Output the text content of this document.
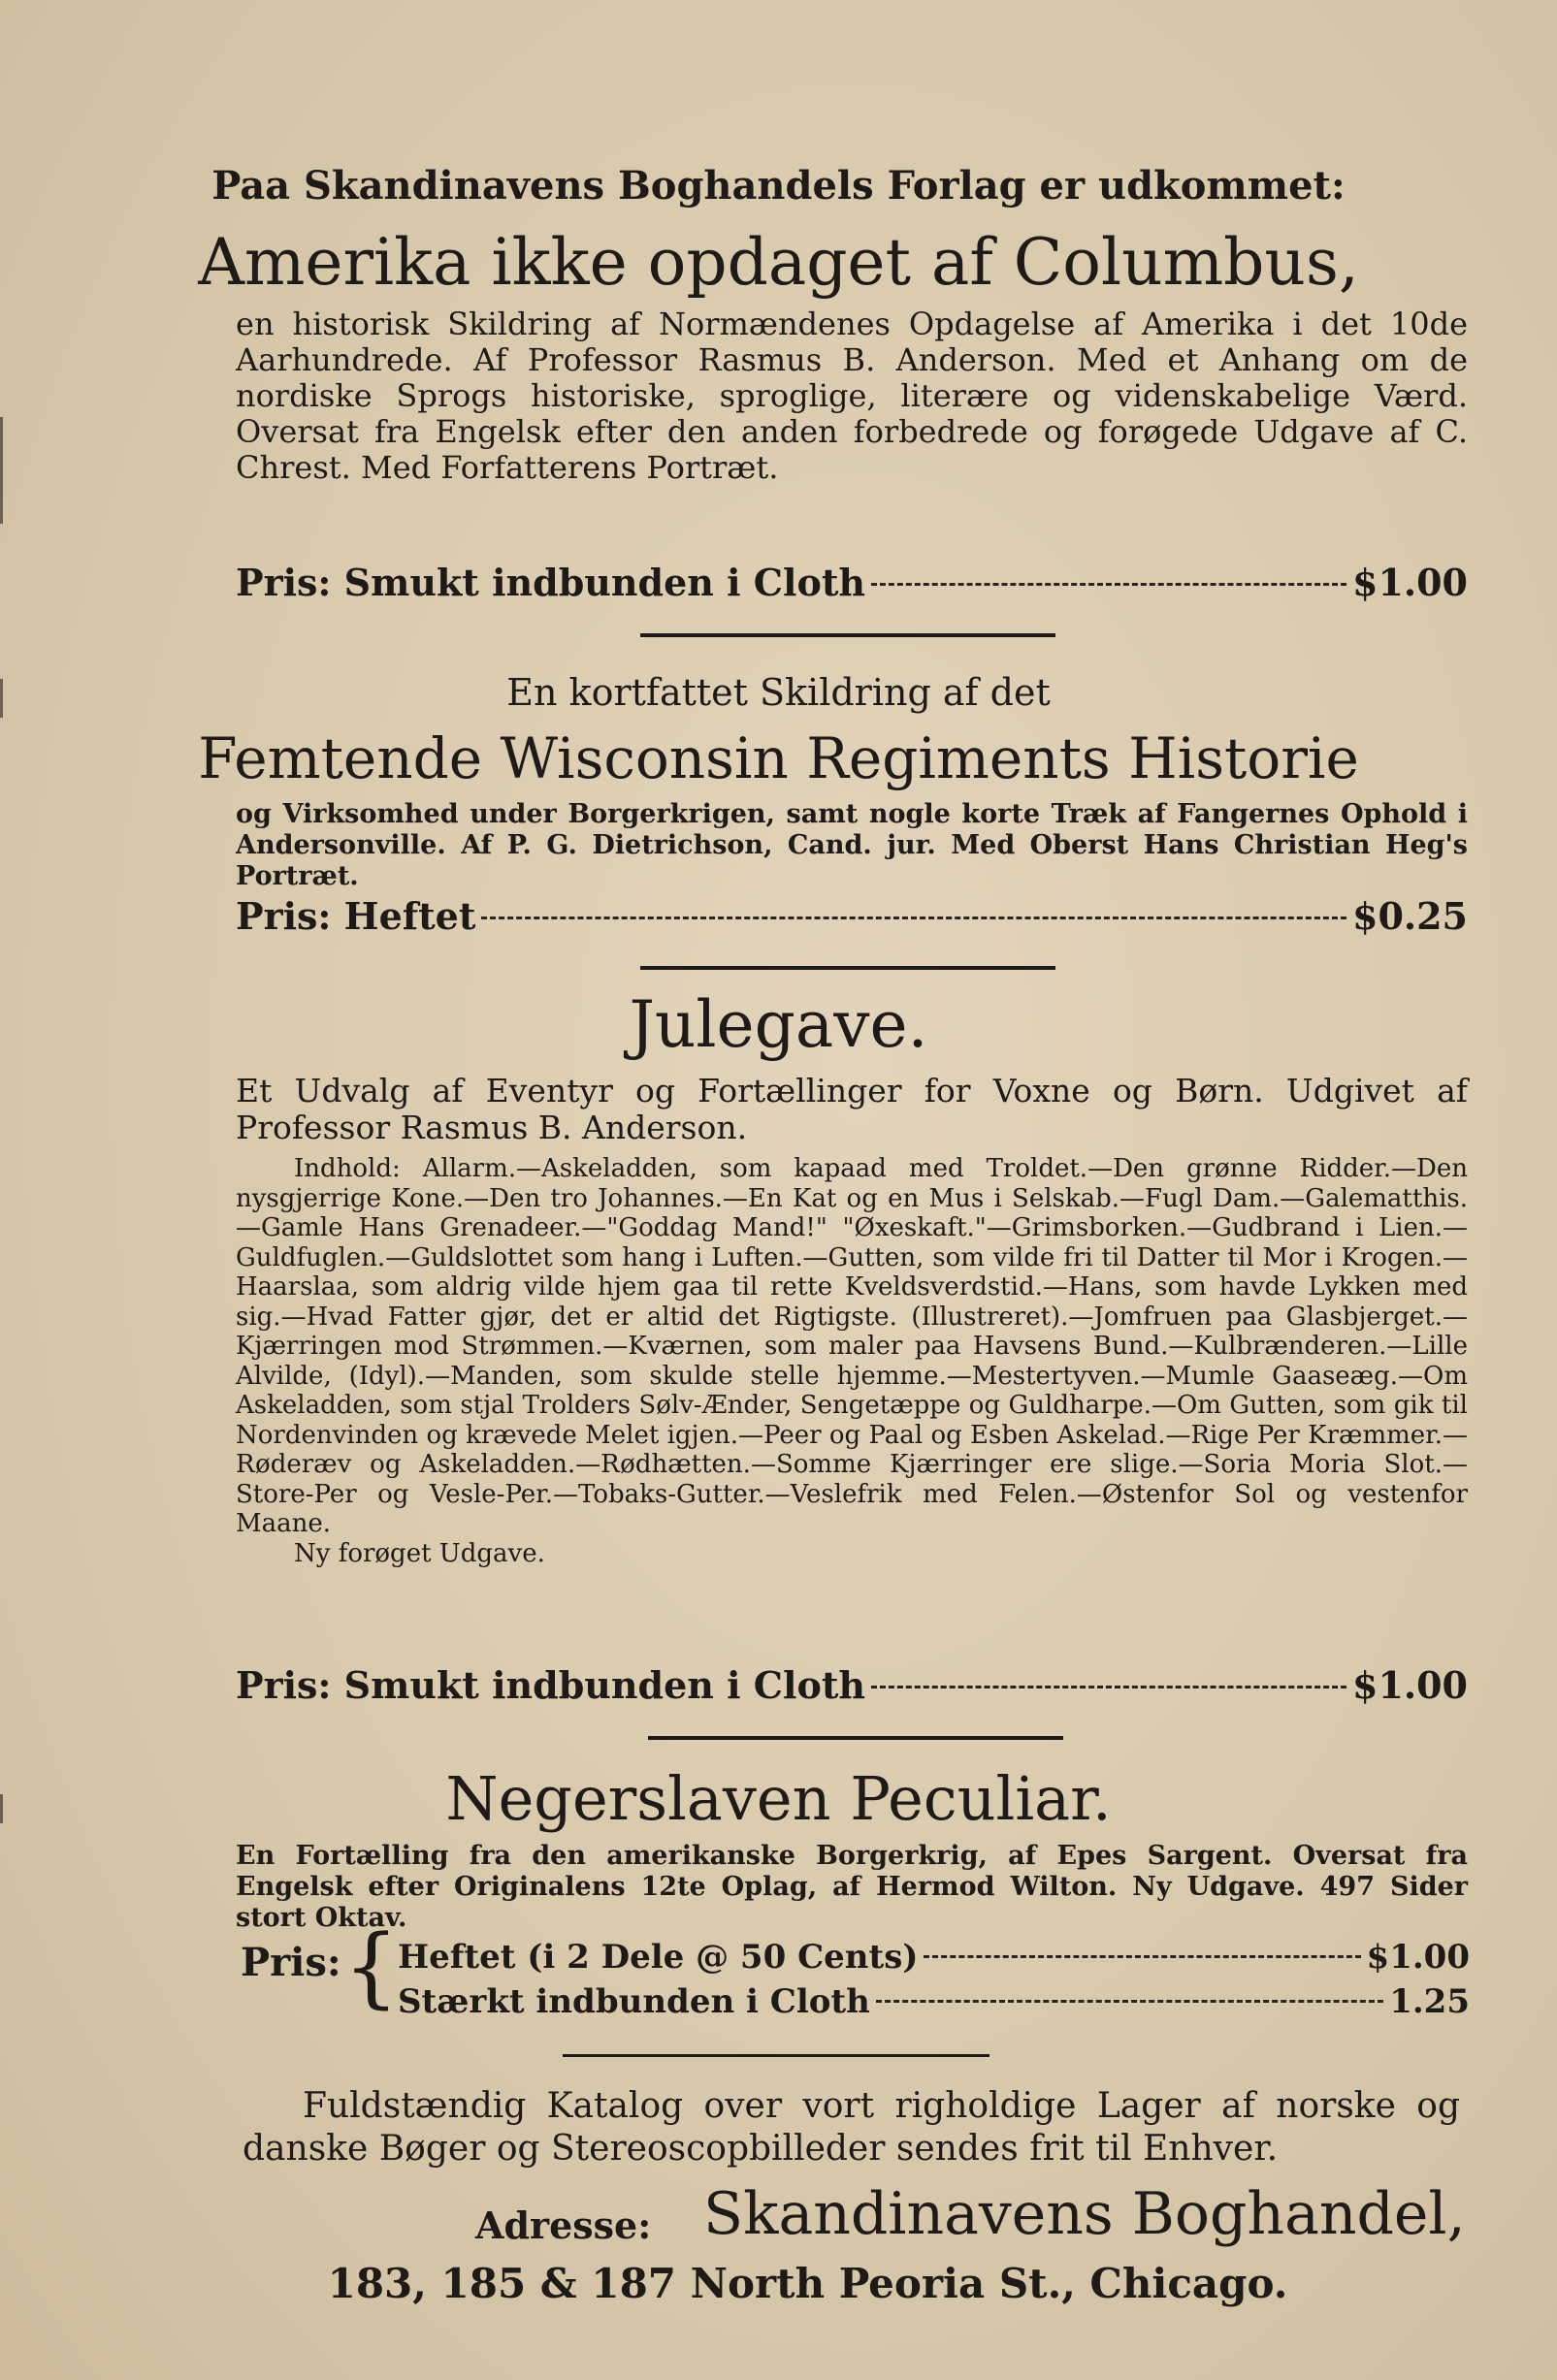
Paa Skandinavens Boghandels Forlag er udkommet:
Amerika ikke opdaget af Columbus,

en historisk Skildring af Normændenes Opdagelse af Amerika i det 10de Aarhundrede. Af Professor Rasmus B. Anderson. Med et Anhang om de nordiske Sprogs historiske, sproglige, literære og videnskabelige Værd. Oversat fra Engelsk efter den anden forbedrede og forøgede Udgave af C. Chrest. Med Forfatterens Portræt.

Pris: Smukt indbunden i Cloth	$1.00
En kortfattet Skildring af det
Femtende Wisconsin Regiments Historie

og Virksomhed under Borgerkrigen, samt nogle korte Træk af Fangernes Ophold i Andersonville. Af P. G. Dietrichson, Cand. jur. Med Oberst Hans Christian Heg's Portræt.

Pris: Heftet	$0.25
Julegave.

Et Udvalg af Eventyr og Fortællinger for Voxne og Børn. Udgivet af Professor Rasmus B. Anderson.

Indhold: Allarm.—Askeladden, som kapaad med Troldet.—Den grønne Ridder.—Den nysgjerrige Kone.—Den tro Johannes.—En Kat og en Mus i Selskab.—Fugl Dam.—Galematthis.—Gamle Hans Grenadeer.—"Goddag Mand!" "Øxeskaft."—Grimsborken.—Gudbrand i Lien.—Guldfuglen.—Guldslottet som hang i Luften.—Gutten, som vilde fri til Datter til Mor i Krogen.—Haarslaa, som aldrig vilde hjem gaa til rette Kveldsverdstid.—Hans, som havde Lykken med sig.—Hvad Fatter gjør, det er altid det Rigtigste. (Illustreret).—Jomfruen paa Glasbjerget.—Kjærringen mod Strømmen.—Kværnen, som maler paa Havsens Bund.—Kulbrænderen.—Lille Alvilde, (Idyl).—Manden, som skulde stelle hjemme.—Mestertyven.—Mumle Gaaseæg.—Om Askeladden, som stjal Trolders Sølv-Ænder, Sengetæppe og Guldharpe.—Om Gutten, som gik til Nordenvinden og krævede Melet igjen.—Peer og Paal og Esben Askelad.—Rige Per Kræmmer.—Røderæv og Askeladden.—Rødhætten.—Somme Kjærringer ere slige.—Soria Moria Slot.—Store-Per og Vesle-Per.—Tobaks-Gutter.—Veslefrik med Felen.—Østenfor Sol og vestenfor Maane.

Ny forøget Udgave.

Pris: Smukt indbunden i Cloth	$1.00
Negerslaven Peculiar.

En Fortælling fra den amerikanske Borgerkrig, af Epes Sargent. Oversat fra Engelsk efter Originalens 12te Oplag, af Hermod Wilton. Ny Udgave. 497 Sider stort Oktav.

Pris: {
Heftet (i 2 Dele @ 50 Cents)	$1.00
Stærkt indbunden i Cloth	1.25

Fuldstændig Katalog over vort righoldige Lager af norske og danske Bøger og Stereoscopbilleder sendes frit til Enhver.

Adresse: Skandinavens Boghandel,
183, 185 & 187 North Peoria St., Chicago.
